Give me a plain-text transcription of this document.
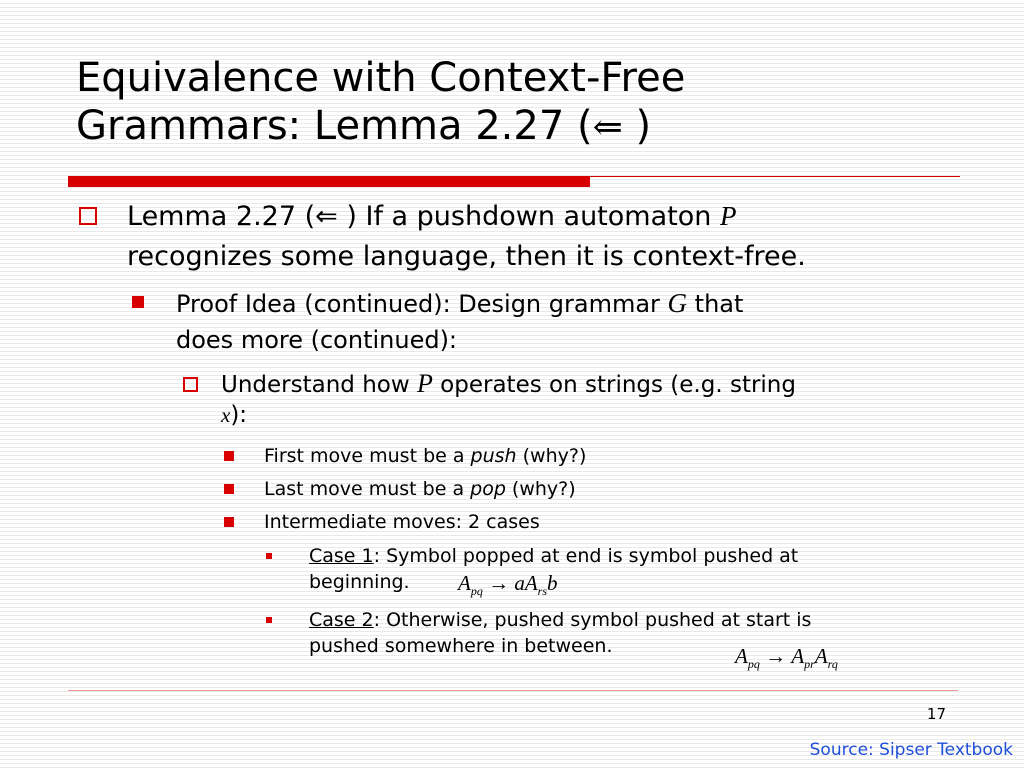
Equivalence with Context-Free
Grammars: Lemma 2.27 (⇐ )
Lemma 2.27 (⇐ ) If a pushdown automaton P
recognizes some language, then it is context-free.
Proof Idea (continued): Design grammar G that
does more (continued):
Understand how P operates on strings (e.g. string
x):
First move must be a push (why?)
Last move must be a pop (why?)
Intermediate moves: 2 cases
Case 1: Symbol popped at end is symbol pushed at
beginning.
Case 2: Otherwise, pushed symbol pushed at start is
pushed somewhere in between.
$A_{pq} \to aA_{rs}b$
$A_{pq} \to A_{pr}A_{rq}$
17
Source: Sipser Textbook
